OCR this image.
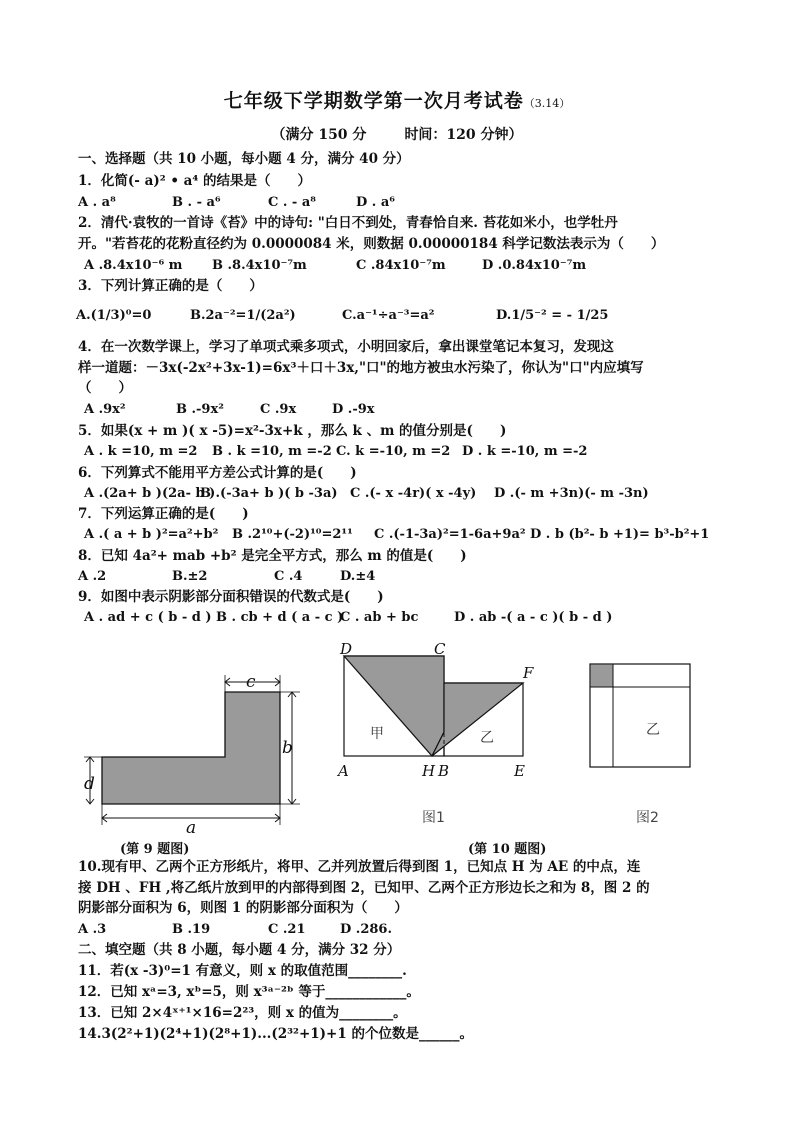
七年级下学期数学第一次月考试卷（3.14）
（满分 150 分	时间：120 分钟）
一、选择题（共 10 小题，每小题 4 分，满分 40 分）
1．化简(- a)² • a⁴ 的结果是（　　）
A . a⁸	B . - a⁶	C . - a⁸	D . a⁶
2．清代·袁牧的一首诗《苔》中的诗句: "白日不到处，青春恰自来. 苔花如米小，也学牡丹
开。"若苔花的花粉直径约为 0.0000084 米，则数据 0.00000184 科学记数法表示为（　　）
A .8.4x10⁻⁶ m B .8.4x10⁻⁷m	C .84x10⁻⁷m	D .0.84x10⁻⁷m
3．下列计算正确的是（　　）
A.(1/3)⁰=0	B.2a⁻²=1/(2a²)	C.a⁻¹÷a⁻³=a²	D.1/5⁻² = - 1/25
4．在一次数学课上，学习了单项式乘多项式，小明回家后，拿出课堂笔记本复习，发现这
样一道题：－3x(-2x²+3x-1)=6x³＋口＋3x,"口"的地方被虫水污染了，你认为"口"内应填写
（　　）
A .9x²	B .-9x²	C .9x	D .-9x
5．如果(x + m )( x -5)=x²-3x+k ，那么 k 、m 的值分别是(　　)
A . k =10, m =2 B . k =10, m =-2 C. k =-10, m =2 D . k =-10, m =-2
6．下列算式不能用平方差公式计算的是(　　)
A .(2a+ b )(2a- b )
B .(-3a+ b )( b -3a) C .(- x -4r)( x -4y) D .(- m +3n)(- m -3n)
7．下列运算正确的是(　　)
A .( a + b )²=a²+b² B .2¹⁰+(-2)¹⁰=2¹¹ C .(-1-3a)²=1-6a+9a² D . b (b²- b +1)= b³-b²+1
8．已知 4a²+ mab +b² 是完全平方式，那么 m 的值是(　　)
A .2	B.±2	C .4	D.±4
9．如图中表示阴影部分面积错误的代数式是(　　)
A . ad + c ( b - d ) B . cb + d ( a - c )
C . ab + bc	D . ab -( a - c )( b - d )
c
b
d
a
D	C
F
A	H B	E
甲	乙
图1
乙
图2
(第 9 题图)	(第 10 题图)
10.现有甲、乙两个正方形纸片，将甲、乙并列放置后得到图 1，已知点 H 为 AE 的中点，连
接 DH 、FH ,将乙纸片放到甲的内部得到图 2，已知甲、乙两个正方形边长之和为 8，图 2 的
阴影部分面积为 6，则图 1 的阴影部分面积为（　　）
A .3	B .19	C .21	D .286.
二、填空题（共 8 小题，每小题 4 分，满分 32 分）
11．若(x -3)⁰=1 有意义，则 x 的取值范围________.
12．已知 xᵃ=3, xᵇ=5，则 x³ᵃ⁻²ᵇ 等于____________。
13．已知 2×4ˣ⁺¹×16=2²³，则 x 的值为________。
14.3(2²+1)(2⁴+1)(2⁸+1)...(2³²+1)+1 的个位数是______。
